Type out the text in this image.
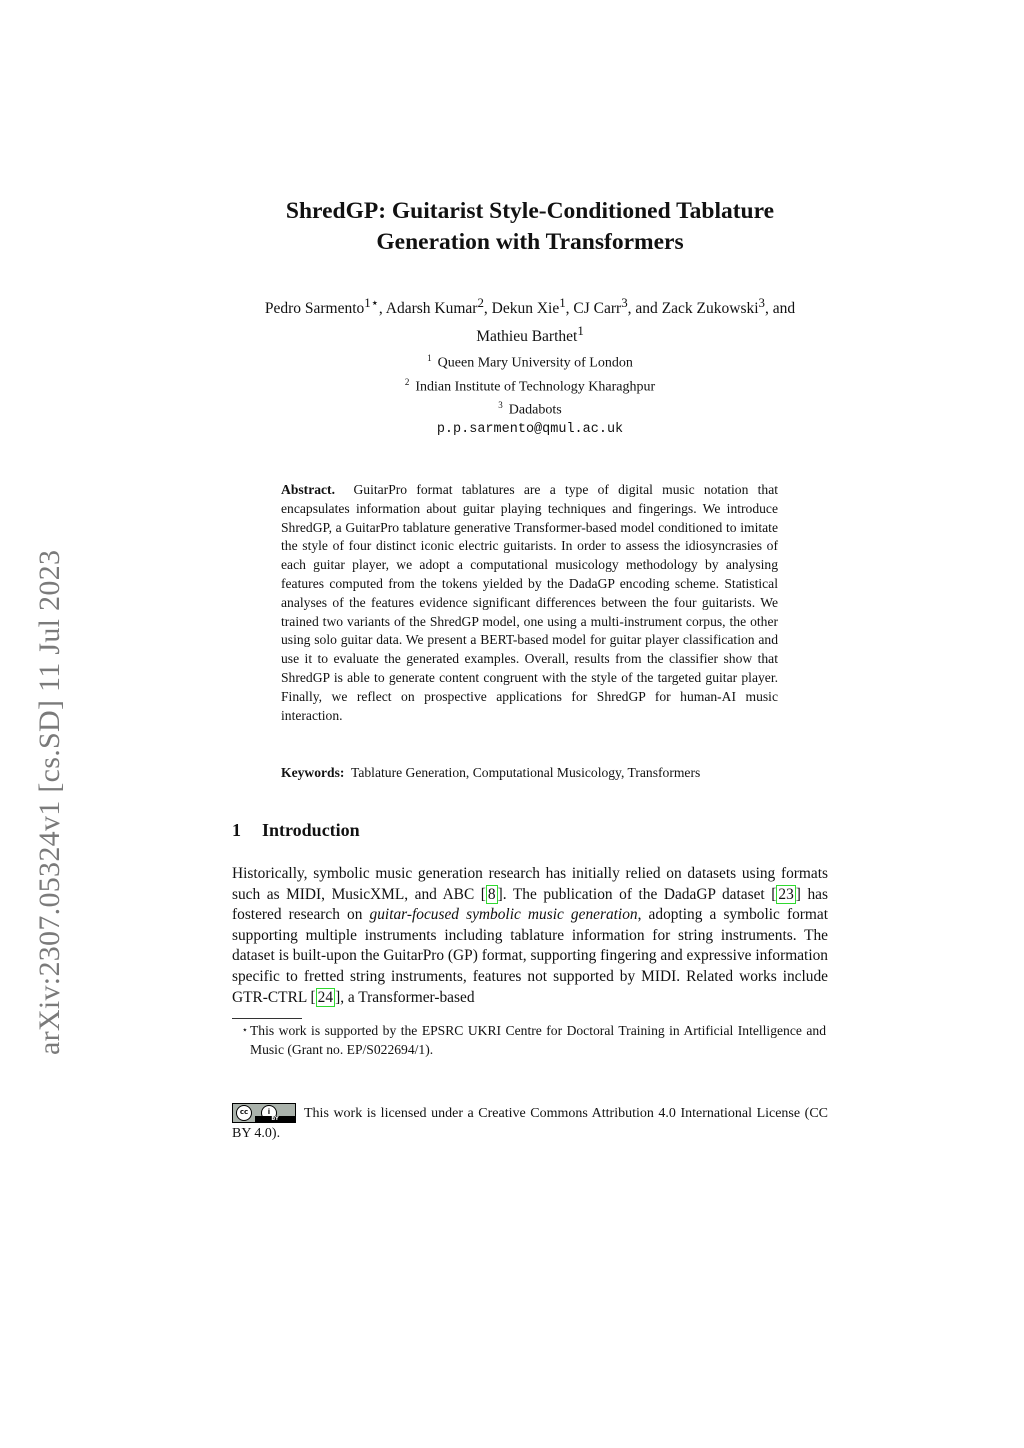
arXiv:2307.05324v1 [cs.SD] 11 Jul 2023
ShredGP: Guitarist Style-Conditioned Tablature
Generation with Transformers
Pedro Sarmento$^{1⋆}$, Adarsh Kumar$^2$, Dekun Xie$^1$, CJ Carr$^3$, and Zack Zukowski$^3$, and
Mathieu Barthet$^1$
$^1$ Queen Mary University of London
$^2$ Indian Institute of Technology Kharaghpur
$^3$ Dadabots
p.p.sarmento@qmul.ac.uk
Abstract. GuitarPro format tablatures are a type of digital music notation that encapsulates information about guitar playing techniques and fingerings. We introduce ShredGP, a GuitarPro tablature generative Transformer-based model conditioned to imitate the style of four distinct iconic electric guitarists. In order to assess the idiosyncrasies of each guitar player, we adopt a computational musicology methodology by analysing features computed from the tokens yielded by the DadaGP encoding scheme. Statistical analyses of the features evidence significant differences between the four guitarists. We trained two variants of the ShredGP model, one using a multi-instrument corpus, the other using solo guitar data. We present a BERT-based model for guitar player classification and use it to evaluate the generated examples. Overall, results from the classifier show that ShredGP is able to generate content congruent with the style of the targeted guitar player. Finally, we reflect on prospective applications for ShredGP for human-AI music interaction.
Keywords: Tablature Generation, Computational Musicology, Transformers
1 Introduction
Historically, symbolic music generation research has initially relied on datasets using formats such as MIDI, MusicXML, and ABC [ 8 ]. The publication of the DadaGP dataset [ 23 ] has fostered research on guitar-focused symbolic music generation, adopting a symbolic format supporting multiple instruments including tablature information for string instruments. The dataset is built-upon the GuitarPro (GP) format, supporting fingering and expressive information specific to fretted string instruments, features not supported by MIDI. Related works include GTR-CTRL [ 24 ], a Transformer-based
⋆ This work is supported by the EPSRC UKRI Centre for Doctoral Training in Artificial Intelligence and Music (Grant no. EP/S022694/1).
cc	i
BY	This work is licensed under a Creative Commons Attribution 4.0 International License (CC BY 4.0).
